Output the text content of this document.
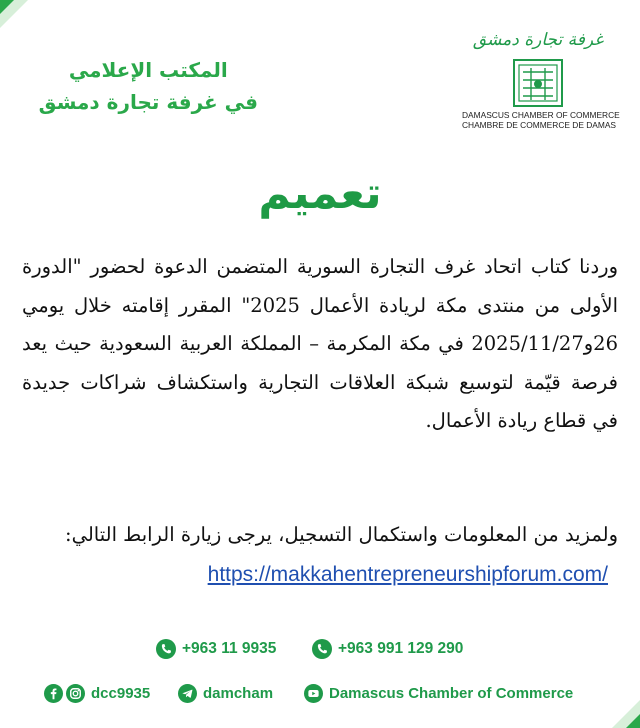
غرفة تجارة دمشق
DAMASCUS CHAMBER OF COMMERCE
CHAMBRE DE COMMERCE DE DAMAS
المكتب الإعلامي
في غرفة تجارة دمشق
تعميم

وردنا كتاب اتحاد غرف التجارة السورية المتضمن الدعوة لحضور "الدورة الأولى من منتدى مكة لريادة الأعمال 2025" المقرر إقامته خلال يومي 26و2025/11/27 في مكة المكرمة – المملكة العربية السعودية حيث يعد فرصة قيّمة لتوسيع شبكة العلاقات التجارية واستكشاف شراكات جديدة في قطاع ريادة الأعمال.

ولمزيد من المعلومات واستكمال التسجيل، يرجى زيارة الرابط التالي:
https://makkahentrepreneurshipforum.com/
+963 11 9935	+963 991 129 290
dcc9935	damcham	Damascus Chamber of Commerce
